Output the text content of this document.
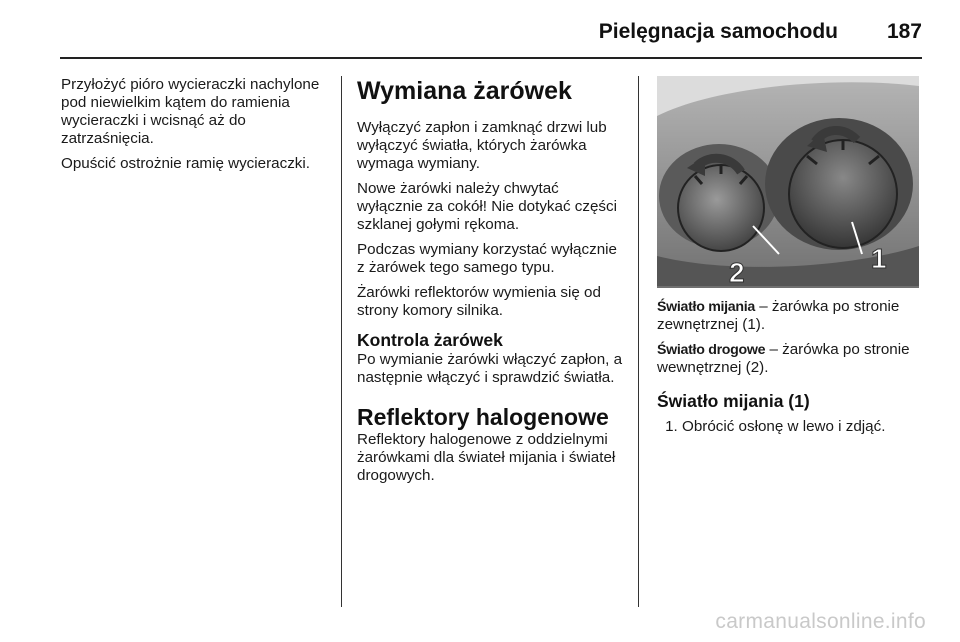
Pielęgnacja samochodu 187

Przyłożyć pióro wycieraczki nachylone pod niewielkim kątem do ramienia wycieraczki i wcisnąć aż do zatrzaśnięcia.

Opuścić ostrożnie ramię wycieraczki.

Wymiana żarówek

Wyłączyć zapłon i zamknąć drzwi lub wyłączyć światła, których żarówka wymaga wymiany.

Nowe żarówki należy chwytać wyłącznie za cokół! Nie dotykać części szklanej gołymi rękoma.

Podczas wymiany korzystać wyłącznie z żarówek tego samego typu.

Żarówki reflektorów wymienia się od strony komory silnika.

Kontrola żarówek

Po wymianie żarówki włączyć zapłon, a następnie włączyć i sprawdzić światła.

Reflektory halogenowe

Reflektory halogenowe z oddzielnymi żarówkami dla świateł mijania i świateł drogowych.

2	1

Światło mijania – żarówka po stronie zewnętrznej (1).

Światło drogowe – żarówka po stronie wewnętrznej (2).

Światło mijania (1)
1. Obrócić osłonę w lewo i zdjąć.
carmanualsonline.info
